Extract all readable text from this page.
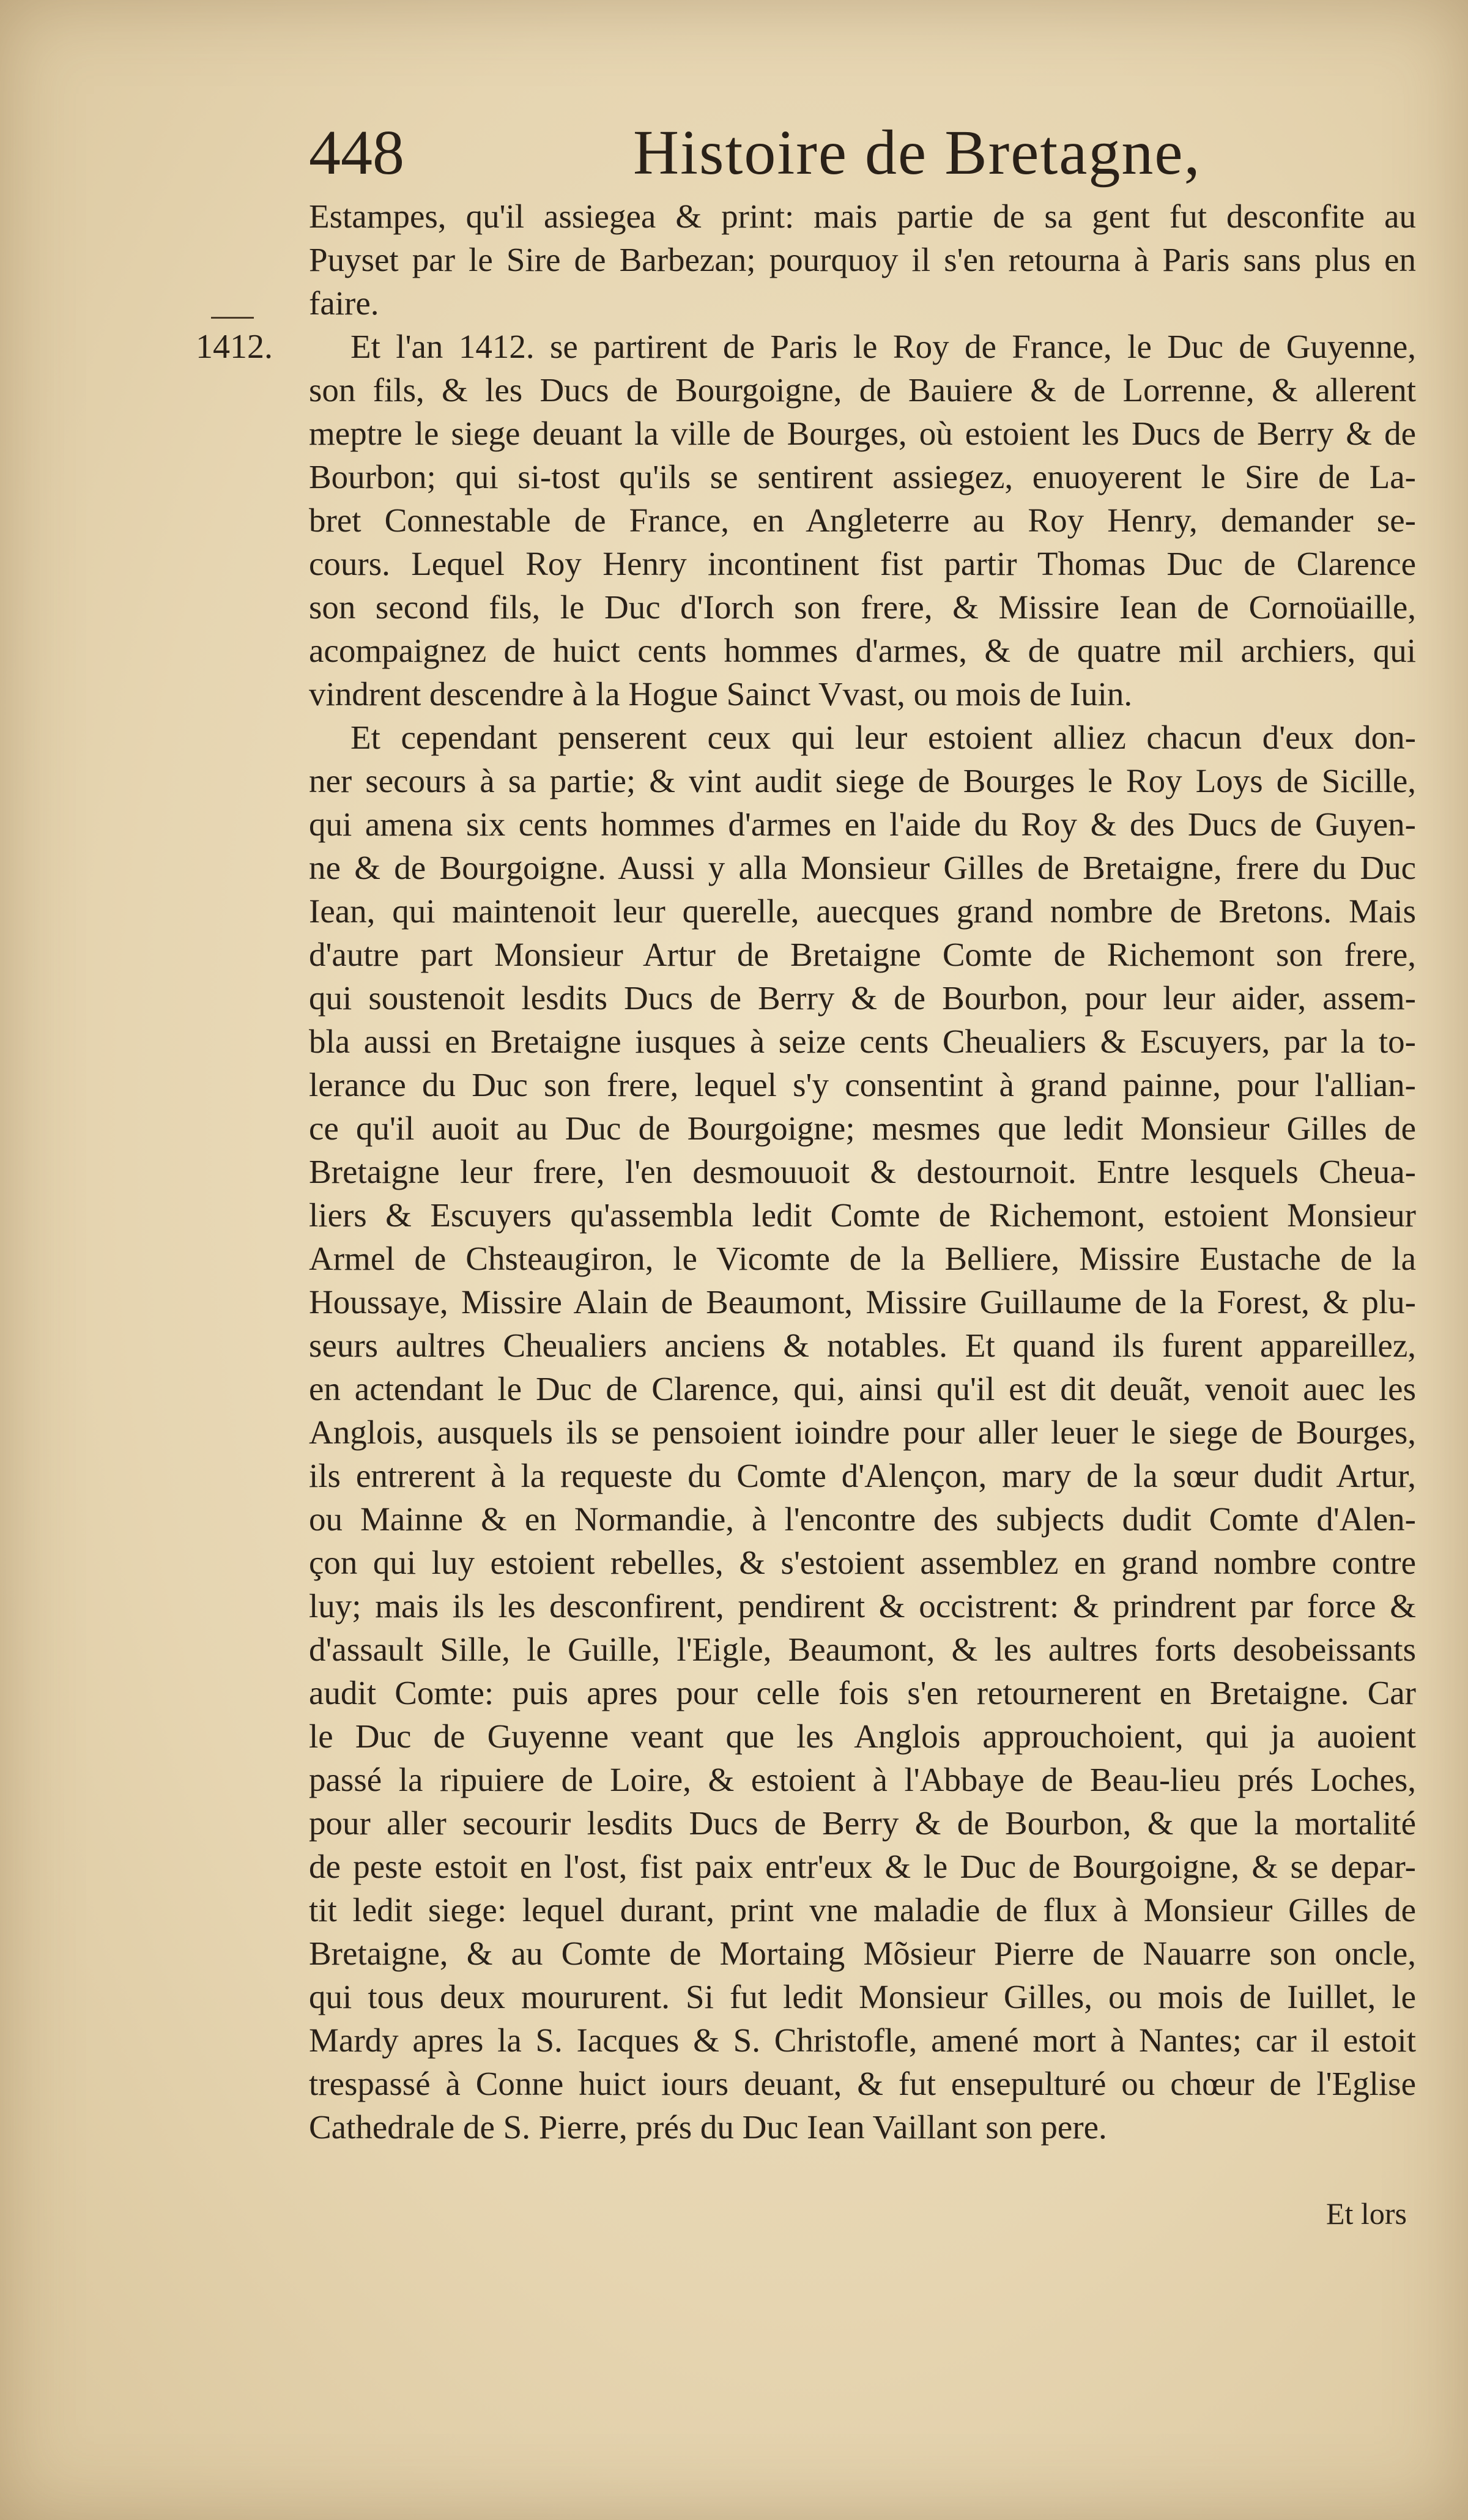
448	Histoire de Bretagne,
1412.
Estampes, qu'il assiegea & print: mais partie de sa gent fut desconfite au
Puyset par le Sire de Barbezan; pourquoy il s'en retourna à Paris sans plus en
faire.
Et l'an 1412. se partirent de Paris le Roy de France, le Duc de Guyenne,
son fils, & les Ducs de Bourgoigne, de Bauiere & de Lorrenne, & allerent
meptre le siege deuant la ville de Bourges, où estoient les Ducs de Berry & de
Bourbon; qui si-tost qu'ils se sentirent assiegez, enuoyerent le Sire de La-
bret Connestable de France, en Angleterre au Roy Henry, demander se-
cours. Lequel Roy Henry incontinent fist partir Thomas Duc de Clarence
son second fils, le Duc d'Iorch son frere, & Missire Iean de Cornoüaille,
acompaignez de huict cents hommes d'armes, & de quatre mil archiers, qui
vindrent descendre à la Hogue Sainct Vvast, ou mois de Iuin.
Et cependant penserent ceux qui leur estoient alliez chacun d'eux don-
ner secours à sa partie; & vint audit siege de Bourges le Roy Loys de Sicille,
qui amena six cents hommes d'armes en l'aide du Roy & des Ducs de Guyen-
ne & de Bourgoigne. Aussi y alla Monsieur Gilles de Bretaigne, frere du Duc
Iean, qui maintenoit leur querelle, auecques grand nombre de Bretons. Mais
d'autre part Monsieur Artur de Bretaigne Comte de Richemont son frere,
qui soustenoit lesdits Ducs de Berry & de Bourbon, pour leur aider, assem-
bla aussi en Bretaigne iusques à seize cents Cheualiers & Escuyers, par la to-
lerance du Duc son frere, lequel s'y consentint à grand painne, pour l'allian-
ce qu'il auoit au Duc de Bourgoigne; mesmes que ledit Monsieur Gilles de
Bretaigne leur frere, l'en desmouuoit & destournoit. Entre lesquels Cheua-
liers & Escuyers qu'assembla ledit Comte de Richemont, estoient Monsieur
Armel de Chsteaugiron, le Vicomte de la Belliere, Missire Eustache de la
Houssaye, Missire Alain de Beaumont, Missire Guillaume de la Forest, & plu-
seurs aultres Cheualiers anciens & notables. Et quand ils furent appareillez,
en actendant le Duc de Clarence, qui, ainsi qu'il est dit deuãt, venoit auec les
Anglois, ausquels ils se pensoient ioindre pour aller leuer le siege de Bourges,
ils entrerent à la requeste du Comte d'Alençon, mary de la sœur dudit Artur,
ou Mainne & en Normandie, à l'encontre des subjects dudit Comte d'Alen-
çon qui luy estoient rebelles, & s'estoient assemblez en grand nombre contre
luy; mais ils les desconfirent, pendirent & occistrent: & prindrent par force &
d'assault Sille, le Guille, l'Eigle, Beaumont, & les aultres forts desobeissants
audit Comte: puis apres pour celle fois s'en retournerent en Bretaigne. Car
le Duc de Guyenne veant que les Anglois approuchoient, qui ja auoient
passé la ripuiere de Loire, & estoient à l'Abbaye de Beau-lieu prés Loches,
pour aller secourir lesdits Ducs de Berry & de Bourbon, & que la mortalité
de peste estoit en l'ost, fist paix entr'eux & le Duc de Bourgoigne, & se depar-
tit ledit siege: lequel durant, print vne maladie de flux à Monsieur Gilles de
Bretaigne, & au Comte de Mortaing Mõsieur Pierre de Nauarre son oncle,
qui tous deux moururent. Si fut ledit Monsieur Gilles, ou mois de Iuillet, le
Mardy apres la S. Iacques & S. Christofle, amené mort à Nantes; car il estoit
trespassé à Conne huict iours deuant, & fut ensepulturé ou chœur de l'Eglise
Cathedrale de S. Pierre, prés du Duc Iean Vaillant son pere.
Et lors
